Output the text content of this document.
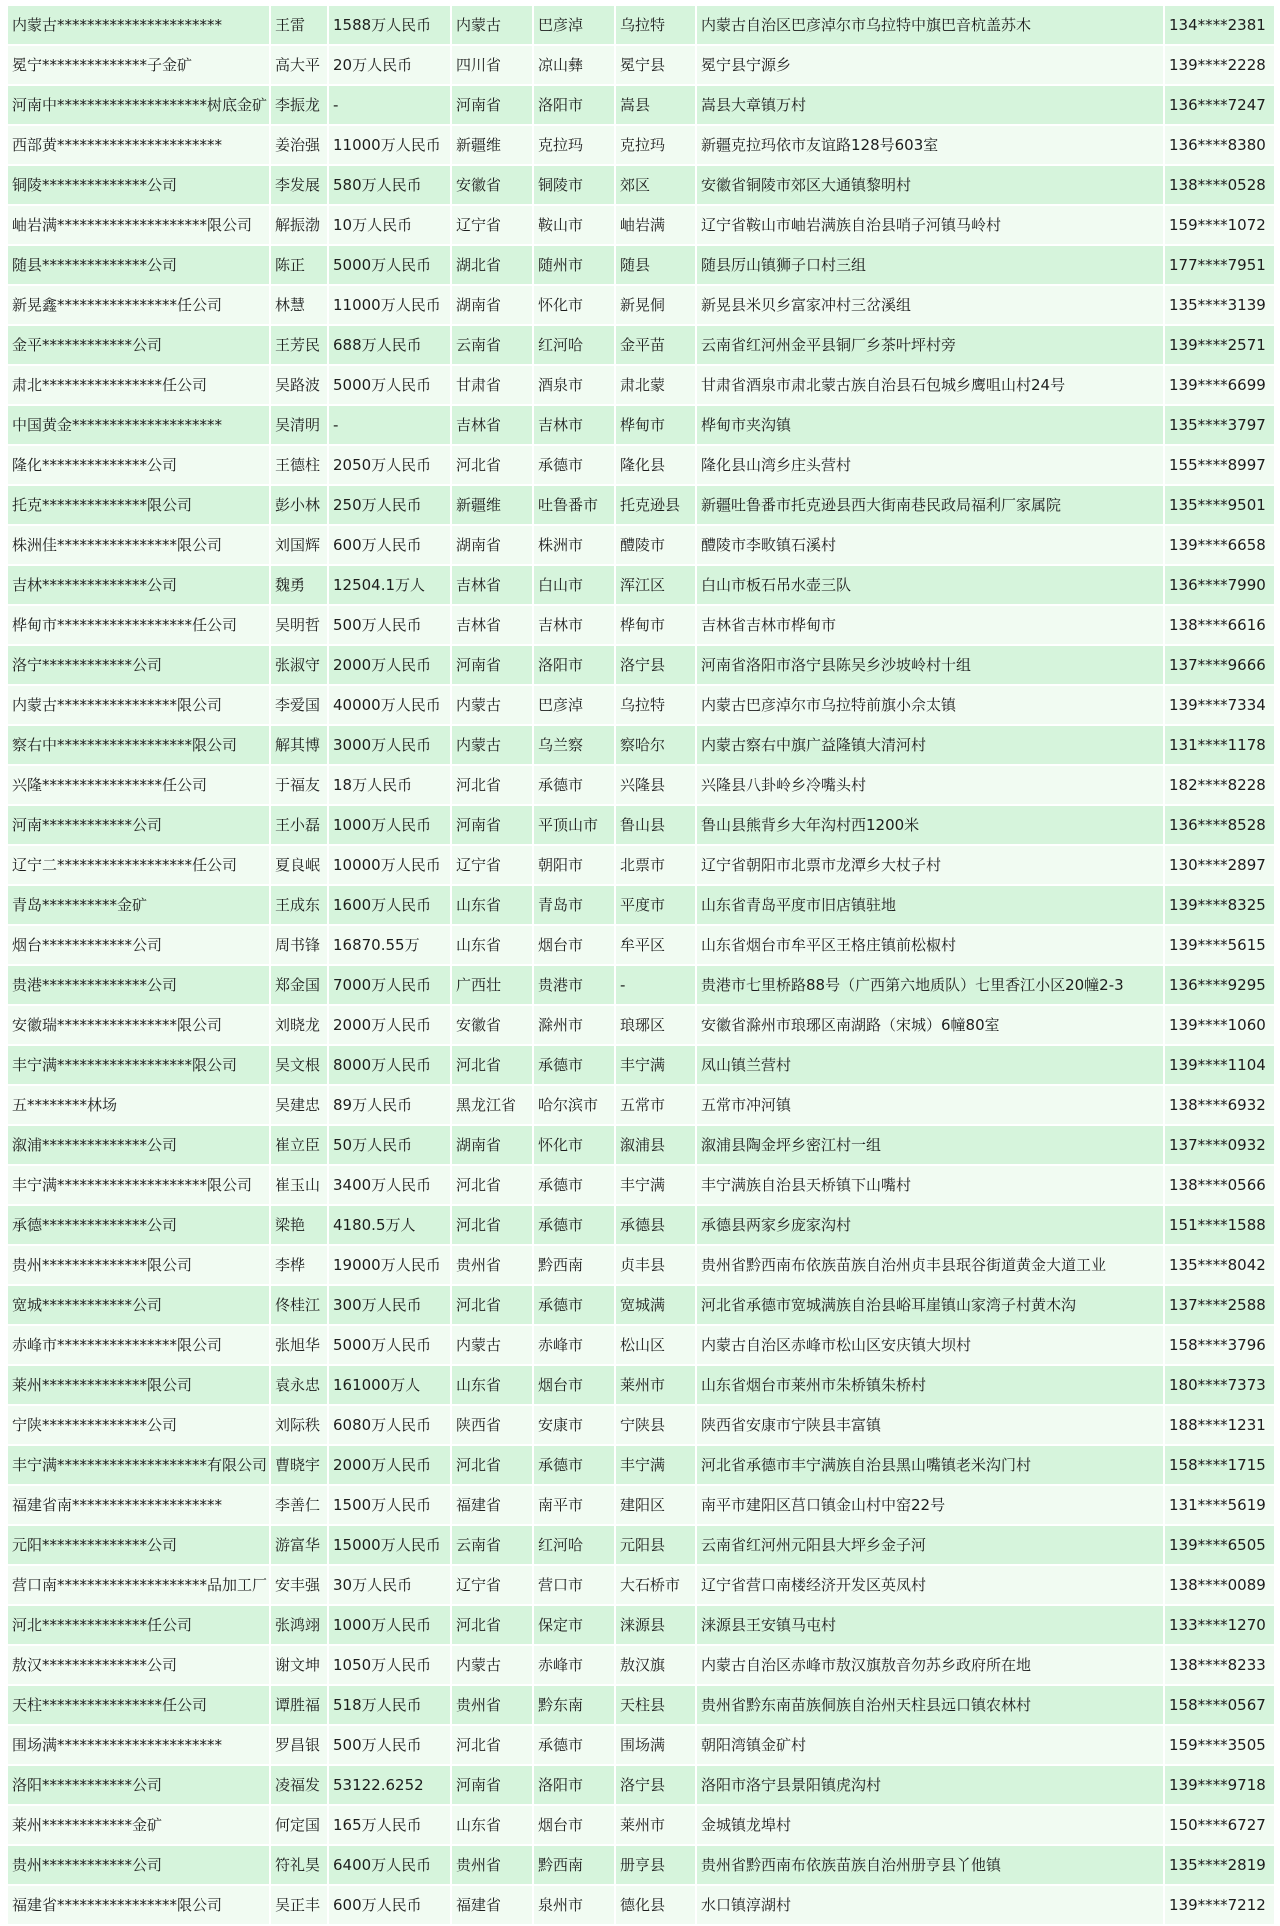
内蒙古**********************	王雷	1588万人民币	内蒙古	巴彦淖	乌拉特	内蒙古自治区巴彦淖尔市乌拉特中旗巴音杭盖苏木	134****2381
冕宁**************子金矿	高大平	20万人民币	四川省	凉山彝	冕宁县	冕宁县宁源乡	139****2228
河南中********************树底金矿	李振龙	-	河南省	洛阳市	嵩县	嵩县大章镇万村	136****7247
西部黄**********************	姜治强	11000万人民币	新疆维	克拉玛	克拉玛	新疆克拉玛依市友谊路128号603室	136****8380
铜陵**************公司	李发展	580万人民币	安徽省	铜陵市	郊区	安徽省铜陵市郊区大通镇黎明村	138****0528
岫岩满********************限公司	解振渤	10万人民币	辽宁省	鞍山市	岫岩满	辽宁省鞍山市岫岩满族自治县哨子河镇马岭村	159****1072
随县**************公司	陈正	5000万人民币	湖北省	随州市	随县	随县厉山镇狮子口村三组	177****7951
新晃鑫****************任公司	林慧	11000万人民币	湖南省	怀化市	新晃侗	新晃县米贝乡富家冲村三岔溪组	135****3139
金平************公司	王芳民	688万人民币	云南省	红河哈	金平苗	云南省红河州金平县铜厂乡茶叶坪村旁	139****2571
肃北****************任公司	吴路波	5000万人民币	甘肃省	酒泉市	肃北蒙	甘肃省酒泉市肃北蒙古族自治县石包城乡鹰咀山村24号	139****6699
中国黄金********************	吴清明	-	吉林省	吉林市	桦甸市	桦甸市夹沟镇	135****3797
隆化**************公司	王德柱	2050万人民币	河北省	承德市	隆化县	隆化县山湾乡庄头营村	155****8997
托克**************限公司	彭小林	250万人民币	新疆维	吐鲁番市	托克逊县	新疆吐鲁番市托克逊县西大街南巷民政局福利厂家属院	135****9501
株洲佳****************限公司	刘国辉	600万人民币	湖南省	株洲市	醴陵市	醴陵市李畋镇石溪村	139****6658
吉林**************公司	魏勇	12504.1万人	吉林省	白山市	浑江区	白山市板石吊水壶三队	136****7990
桦甸市******************任公司	吴明哲	500万人民币	吉林省	吉林市	桦甸市	吉林省吉林市桦甸市	138****6616
洛宁************公司	张淑守	2000万人民币	河南省	洛阳市	洛宁县	河南省洛阳市洛宁县陈吴乡沙坡岭村十组	137****9666
内蒙古****************限公司	李爱国	40000万人民币	内蒙古	巴彦淖	乌拉特	内蒙古巴彦淖尔市乌拉特前旗小佘太镇	139****7334
察右中******************限公司	解其博	3000万人民币	内蒙古	乌兰察	察哈尔	内蒙古察右中旗广益隆镇大清河村	131****1178
兴隆****************任公司	于福友	18万人民币	河北省	承德市	兴隆县	兴隆县八卦岭乡冷嘴头村	182****8228
河南************公司	王小磊	1000万人民币	河南省	平顶山市	鲁山县	鲁山县熊背乡大年沟村西1200米	136****8528
辽宁二******************任公司	夏良岷	10000万人民币	辽宁省	朝阳市	北票市	辽宁省朝阳市北票市龙潭乡大杖子村	130****2897
青岛**********金矿	王成东	1600万人民币	山东省	青岛市	平度市	山东省青岛平度市旧店镇驻地	139****8325
烟台************公司	周书锋	16870.55万	山东省	烟台市	牟平区	山东省烟台市牟平区王格庄镇前松椒村	139****5615
贵港**************公司	郑金国	7000万人民币	广西壮	贵港市	-	贵港市七里桥路88号（广西第六地质队）七里香江小区20幢2-3	136****9295
安徽瑞****************限公司	刘晓龙	2000万人民币	安徽省	滁州市	琅琊区	安徽省滁州市琅琊区南湖路（宋城）6幢80室	139****1060
丰宁满******************限公司	吴文根	8000万人民币	河北省	承德市	丰宁满	凤山镇兰营村	139****1104
五********林场	吴建忠	89万人民币	黑龙江省	哈尔滨市	五常市	五常市冲河镇	138****6932
溆浦**************公司	崔立臣	50万人民币	湖南省	怀化市	溆浦县	溆浦县陶金坪乡密江村一组	137****0932
丰宁满********************限公司	崔玉山	3400万人民币	河北省	承德市	丰宁满	丰宁满族自治县天桥镇下山嘴村	138****0566
承德**************公司	梁艳	4180.5万人	河北省	承德市	承德县	承德县两家乡庞家沟村	151****1588
贵州**************限公司	李桦	19000万人民币	贵州省	黔西南	贞丰县	贵州省黔西南布依族苗族自治州贞丰县珉谷街道黄金大道工业	135****8042
宽城************公司	佟桂江	300万人民币	河北省	承德市	宽城满	河北省承德市宽城满族自治县峪耳崖镇山家湾子村黄木沟	137****2588
赤峰市****************限公司	张旭华	5000万人民币	内蒙古	赤峰市	松山区	内蒙古自治区赤峰市松山区安庆镇大坝村	158****3796
莱州**************限公司	袁永忠	161000万人	山东省	烟台市	莱州市	山东省烟台市莱州市朱桥镇朱桥村	180****7373
宁陕**************公司	刘际秩	6080万人民币	陕西省	安康市	宁陕县	陕西省安康市宁陕县丰富镇	188****1231
丰宁满********************有限公司	曹晓宇	2000万人民币	河北省	承德市	丰宁满	河北省承德市丰宁满族自治县黑山嘴镇老米沟门村	158****1715
福建省南********************	李善仁	1500万人民币	福建省	南平市	建阳区	南平市建阳区莒口镇金山村中窑22号	131****5619
元阳**************公司	游富华	15000万人民币	云南省	红河哈	元阳县	云南省红河州元阳县大坪乡金子河	139****6505
营口南********************品加工厂	安丰强	30万人民币	辽宁省	营口市	大石桥市	辽宁省营口南楼经济开发区英凤村	138****0089
河北**************任公司	张鸿翊	1000万人民币	河北省	保定市	涞源县	涞源县王安镇马屯村	133****1270
敖汉**************公司	谢文坤	1050万人民币	内蒙古	赤峰市	敖汉旗	内蒙古自治区赤峰市敖汉旗敖音勿苏乡政府所在地	138****8233
天柱****************任公司	谭胜福	518万人民币	贵州省	黔东南	天柱县	贵州省黔东南苗族侗族自治州天柱县远口镇农林村	158****0567
围场满**********************	罗昌银	500万人民币	河北省	承德市	围场满	朝阳湾镇金矿村	159****3505
洛阳************公司	凌福发	53122.6252	河南省	洛阳市	洛宁县	洛阳市洛宁县景阳镇虎沟村	139****9718
莱州************金矿	何定国	165万人民币	山东省	烟台市	莱州市	金城镇龙埠村	150****6727
贵州************公司	符礼昊	6400万人民币	贵州省	黔西南	册亨县	贵州省黔西南布依族苗族自治州册亨县丫他镇	135****2819
福建省****************限公司	吴正丰	600万人民币	福建省	泉州市	德化县	水口镇淳湖村	139****7212
